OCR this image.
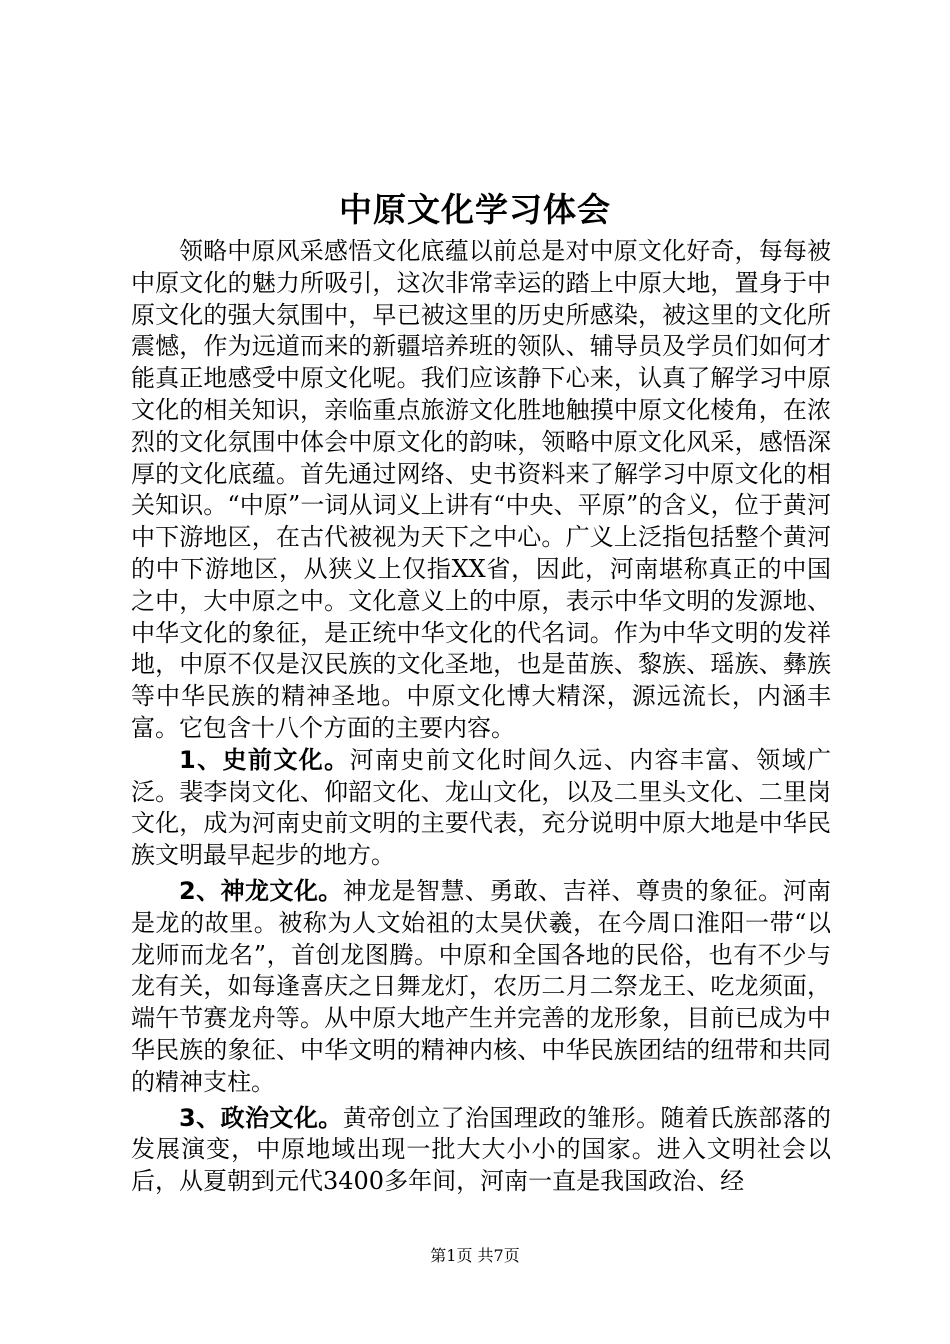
中原文化学习体会

领略中原风采感悟文化底蕴以前总是对中原文化好奇，每每被中原文化的魅力所吸引，这次非常幸运的踏上中原大地，置身于中原文化的强大氛围中，早已被这里的历史所感染，被这里的文化所震憾，作为远道而来的新疆培养班的领队、辅导员及学员们如何才能真正地感受中原文化呢。我们应该静下心来，认真了解学习中原文化的相关知识，亲临重点旅游文化胜地触摸中原文化棱角，在浓烈的文化氛围中体会中原文化的韵味，领略中原文化风采，感悟深厚的文化底蕴。首先通过网络、史书资料来了解学习中原文化的相关知识。“中原”一词从词义上讲有“中央、平原”的含义，位于黄河中下游地区，在古代被视为天下之中心。广义上泛指包括整个黄河的中下游地区，从狭义上仅指XX省，因此，河南堪称真正的中国之中，大中原之中。文化意义上的中原，表示中华文明的发源地、中华文化的象征，是正统中华文化的代名词。作为中华文明的发祥地，中原不仅是汉民族的文化圣地，也是苗族、黎族、瑶族、彝族等中华民族的精神圣地。中原文化博大精深，源远流长，内涵丰富。它包含十八个方面的主要内容。

1、史前文化。河南史前文化时间久远、内容丰富、领域广泛。裴李岗文化、仰韶文化、龙山文化，以及二里头文化、二里岗文化，成为河南史前文明的主要代表，充分说明中原大地是中华民族文明最早起步的地方。

2、神龙文化。神龙是智慧、勇敢、吉祥、尊贵的象征。河南是龙的故里。被称为人文始祖的太昊伏羲，在今周口淮阳一带“以龙师而龙名”，首创龙图腾。中原和全国各地的民俗，也有不少与龙有关，如每逢喜庆之日舞龙灯，农历二月二祭龙王、吃龙须面，端午节赛龙舟等。从中原大地产生并完善的龙形象，目前已成为中华民族的象征、中华文明的精神内核、中华民族团结的纽带和共同的精神支柱。

3、政治文化。黄帝创立了治国理政的雏形。随着氏族部落的发展演变，中原地域出现一批大大小小的国家。进入文明社会以后，从夏朝到元代3400多年间，河南一直是我国政治、经

第1页 共7页
